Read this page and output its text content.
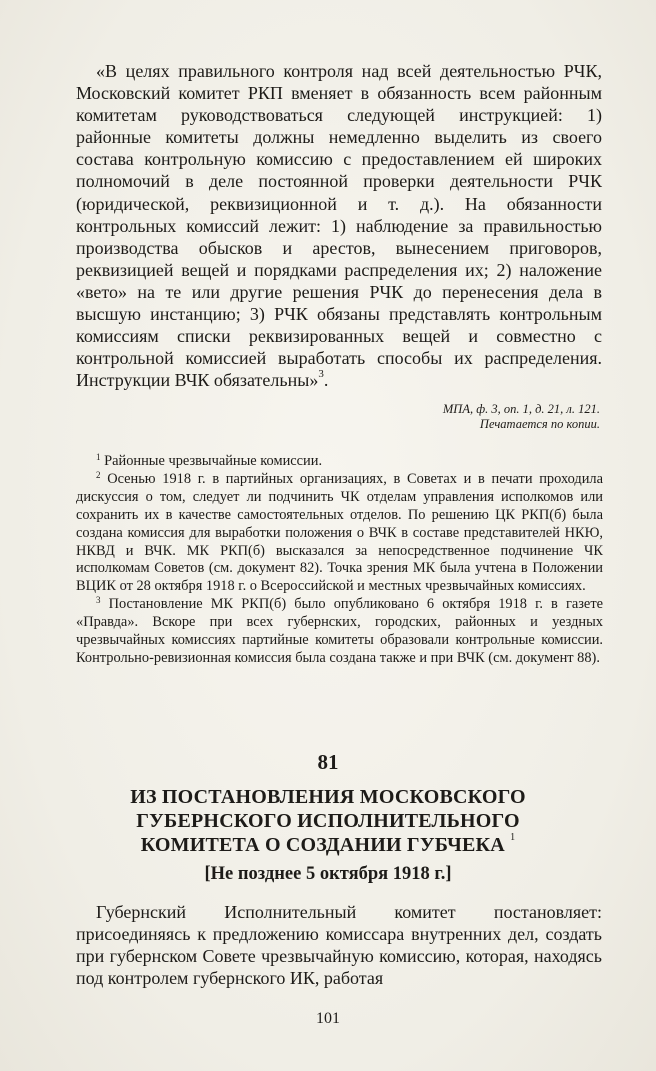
«В целях правильного контроля над всей деятельностью РЧК, Московский комитет РКП вменяет в обязанность всем районным комитетам руководствоваться следующей инструкцией: 1) районные комитеты должны немедленно выделить из своего состава контрольную комиссию с предоставлением ей широких полномочий в деле постоянной проверки деятельности РЧК (юридической, реквизиционной и т. д.). На обязанности контрольных комиссий лежит: 1) наблюдение за правильностью производства обысков и арестов, вынесением приговоров, реквизицией вещей и порядками распределения их; 2) наложение «вето» на те или другие решения РЧК до перенесения дела в высшую инстанцию; 3) РЧК обязаны представлять контрольным комиссиям списки реквизированных вещей и совместно с контрольной комиссией выработать способы их распределения. Инструкции ВЧК обязательны»$^3$.

МПА, ф. 3, оп. 1, д. 21, л. 121.
Печатается по копии.

$^1$ Районные чрезвычайные комиссии.

$^2$ Осенью 1918 г. в партийных организациях, в Советах и в печати проходила дискуссия о том, следует ли подчинить ЧК отделам управления исполкомов или сохранить их в качестве самостоятельных отделов. По решению ЦК РКП(б) была создана комиссия для выработки положения о ВЧК в составе представителей НКЮ, НКВД и ВЧК. МК РКП(б) высказался за непосредственное подчинение ЧК исполкомам Советов (см. документ 82). Точка зрения МК была учтена в Положении ВЦИК от 28 октября 1918 г. о Всероссийской и местных чрезвычайных комиссиях.

$^3$ Постановление МК РКП(б) было опубликовано 6 октября 1918 г. в газете «Правда». Вскоре при всех губернских, городских, районных и уездных чрезвычайных комиссиях партийные комитеты образовали контрольные комиссии. Контрольно-ревизионная комиссия была создана также и при ВЧК (см. документ 88).

81
ИЗ ПОСТАНОВЛЕНИЯ МОСКОВСКОГО
ГУБЕРНСКОГО ИСПОЛНИТЕЛЬНОГО
КОМИТЕТА О СОЗДАНИИ ГУБЧЕКА $^1$
[Не позднее 5 октября 1918 г.]

Губернский Исполнительный комитет постановляет: присоединяясь к предложению комиссара внутренних дел, создать при губернском Совете чрезвычайную комиссию, которая, находясь под контролем губернского ИК, работая

101
